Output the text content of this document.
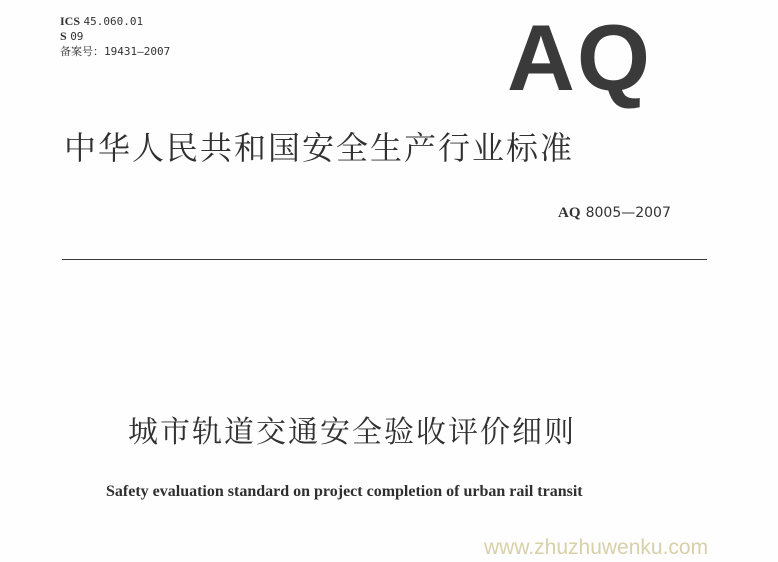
ICS 45.060.01
S 09
备案号：19431—2007	AQ
中华人民共和国安全生产行业标准
AQ 8005—2007
城市轨道交通安全验收评价细则
Safety evaluation standard on project completion of urban rail transit
www.zhuzhuwenku.com
